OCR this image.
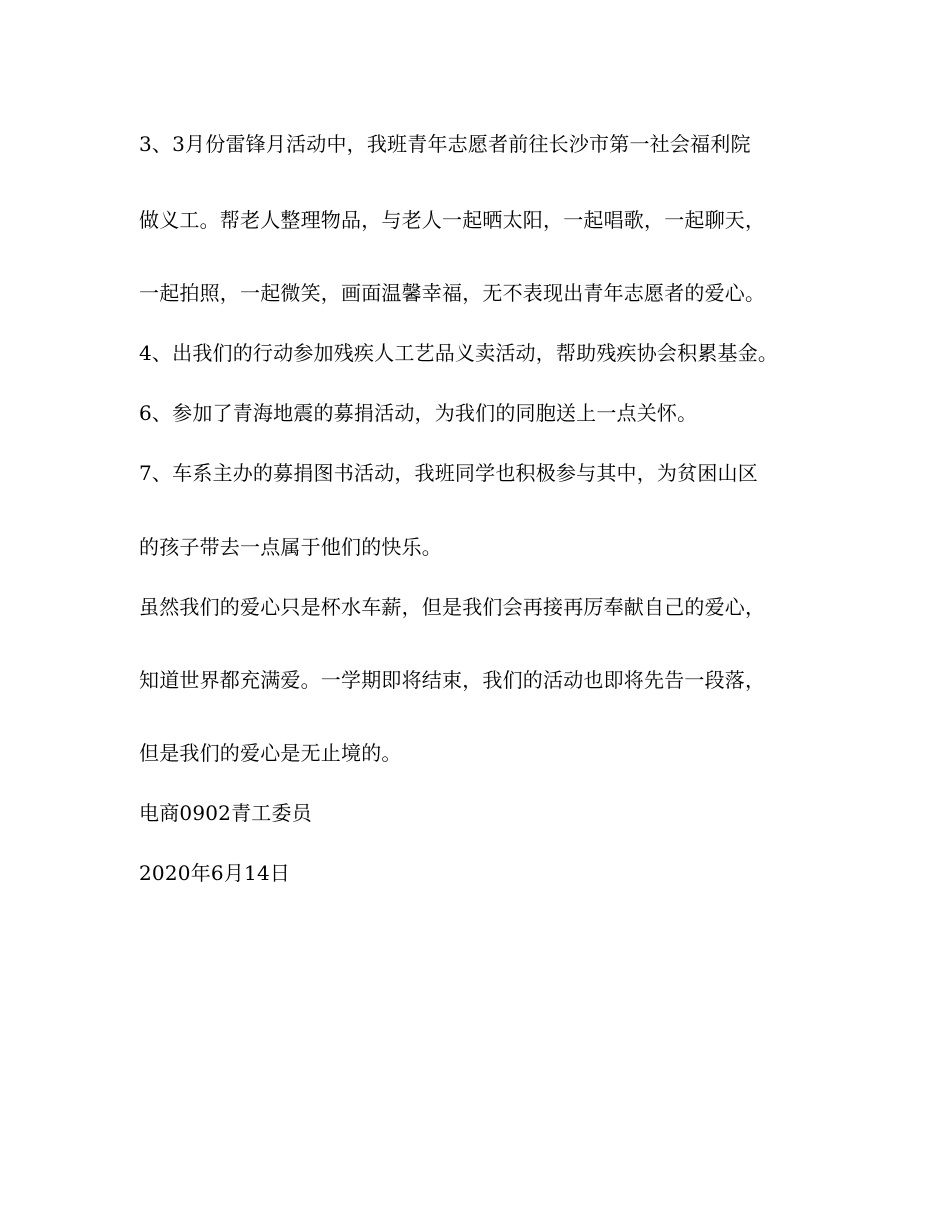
3、3月份雷锋月活动中，我班青年志愿者前往长沙市第一社会福利院
做义工。帮老人整理物品，与老人一起晒太阳，一起唱歌，一起聊天，
一起拍照，一起微笑，画面温馨幸福，无不表现出青年志愿者的爱心。
4、出我们的行动参加残疾人工艺品义卖活动，帮助残疾协会积累基金。
6、参加了青海地震的募捐活动，为我们的同胞送上一点关怀。
7、车系主办的募捐图书活动，我班同学也积极参与其中，为贫困山区
的孩子带去一点属于他们的快乐。
虽然我们的爱心只是杯水车薪，但是我们会再接再厉奉献自己的爱心，
知道世界都充满爱。一学期即将结束，我们的活动也即将先告一段落，
但是我们的爱心是无止境的。
电商0902青工委员
2020年6月14日
